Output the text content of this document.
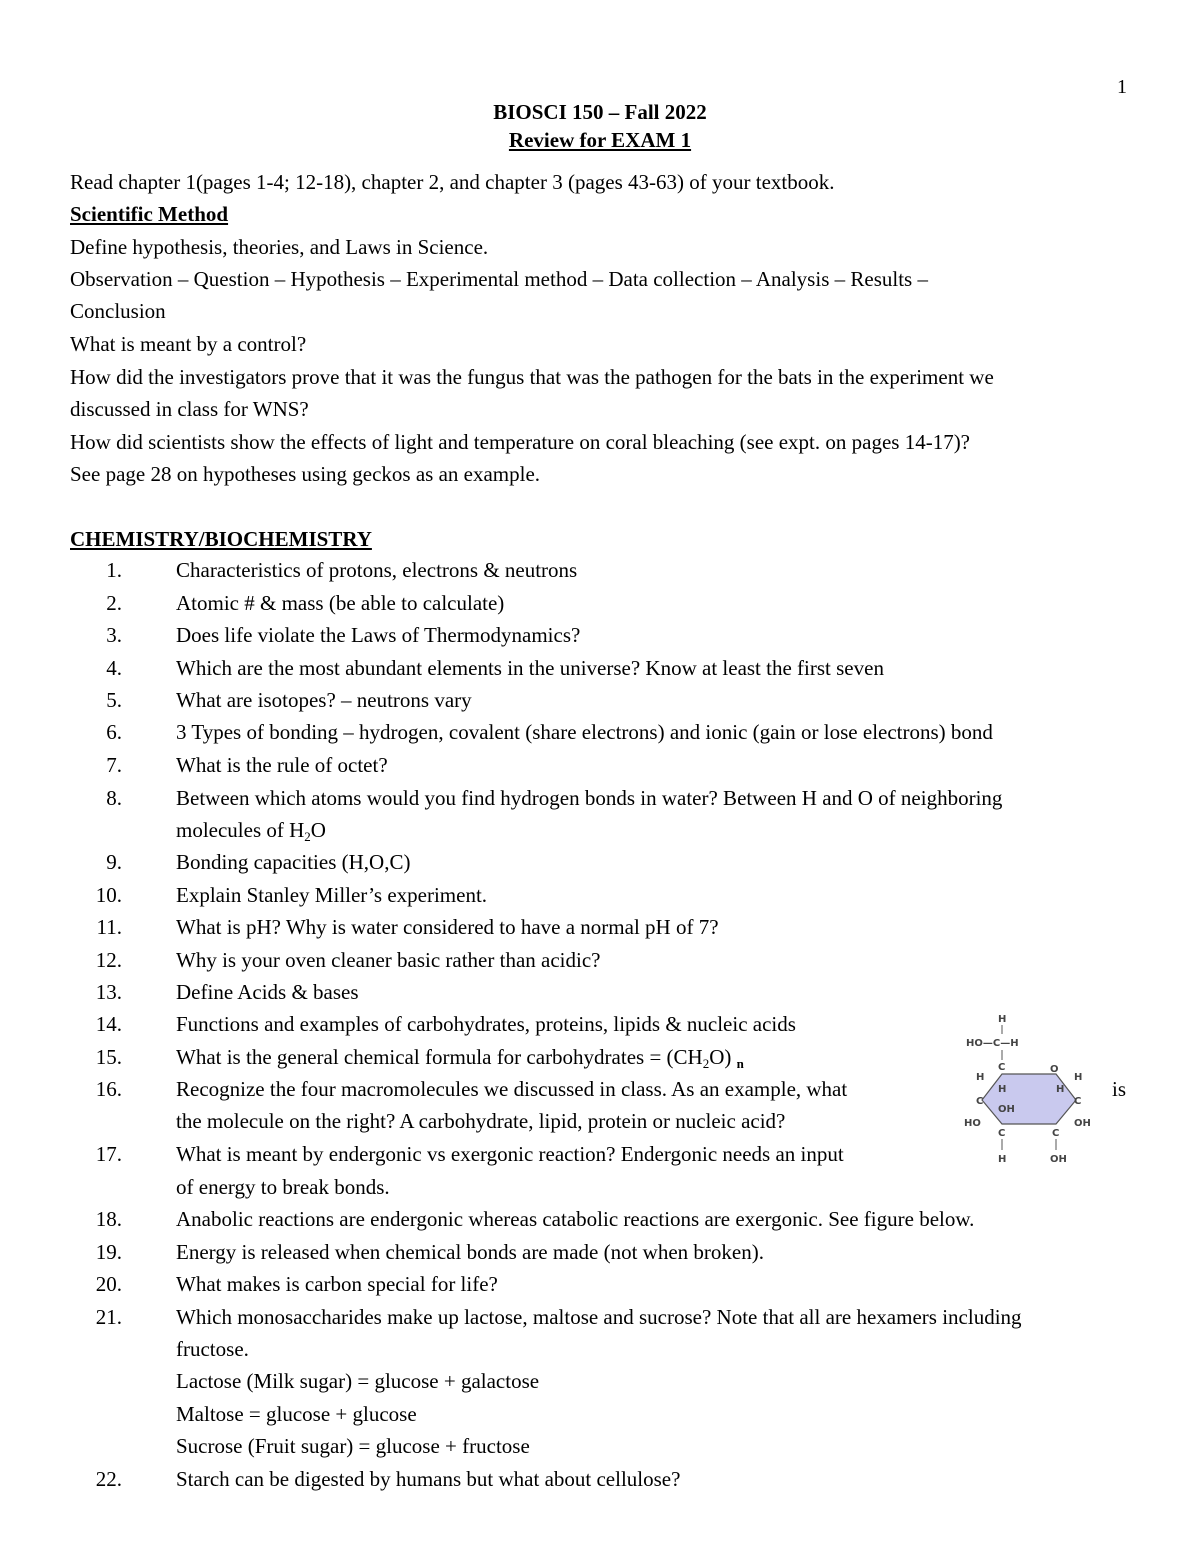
1
BIOSCI 150 – Fall 2022
Review for EXAM 1
Read chapter 1(pages 1-4; 12-18), chapter 2, and chapter 3 (pages 43-63) of your textbook.
Scientific Method
Define hypothesis, theories, and Laws in Science.
Observation – Question – Hypothesis – Experimental method – Data collection – Analysis – Results –
Conclusion
What is meant by a control?
How did the investigators prove that it was the fungus that was the pathogen for the bats in the experiment we
discussed in class for WNS?
How did scientists show the effects of light and temperature on coral bleaching (see expt. on pages 14-17)?
See page 28 on hypotheses using geckos as an example.
CHEMISTRY/BIOCHEMISTRY
1.	Characteristics of protons, electrons & neutrons
2.	Atomic # & mass (be able to calculate)
3.	Does life violate the Laws of Thermodynamics?
4.	Which are the most abundant elements in the universe? Know at least the first seven
5.	What are isotopes? – neutrons vary
6.	3 Types of bonding – hydrogen, covalent (share electrons) and ionic (gain or lose electrons) bond
7.	What is the rule of octet?
8.	Between which atoms would you find hydrogen bonds in water? Between H and O of neighboring
molecules of $H_2O$
9.	Bonding capacities (H,O,C)
10.	Explain Stanley Miller’s experiment.
11.	What is pH? Why is water considered to have a normal pH of 7?
12.	Why is your oven cleaner basic rather than acidic?
13.	Define Acids & bases
14.	Functions and examples of carbohydrates, proteins, lipids & nucleic acids
15.	What is the general chemical formula for carbohydrates = $(CH_2O)$ $_n$
16.	Recognize the four macromolecules we discussed in class. As an example, what
the molecule on the right? A carbohydrate, lipid, protein or nucleic acid?
is
17.	What is meant by endergonic vs exergonic reaction? Endergonic needs an input
of energy to break bonds.
18.	Anabolic reactions are endergonic whereas catabolic reactions are exergonic. See figure below.
19.	Energy is released when chemical bonds are made (not when broken).
20.	What makes is carbon special for life?
21.	Which monosaccharides make up lactose, maltose and sucrose? Note that all are hexamers including
fructose.
Lactose (Milk sugar) = glucose + galactose
Maltose = glucose + glucose
Sucrose (Fruit sugar) = glucose + fructose
22.	Starch can be digested by humans but what about cellulose?
H
HO—C—H
C	O
H	H
H	H
C	C
OH
HO	OH
C	C
H	OH
